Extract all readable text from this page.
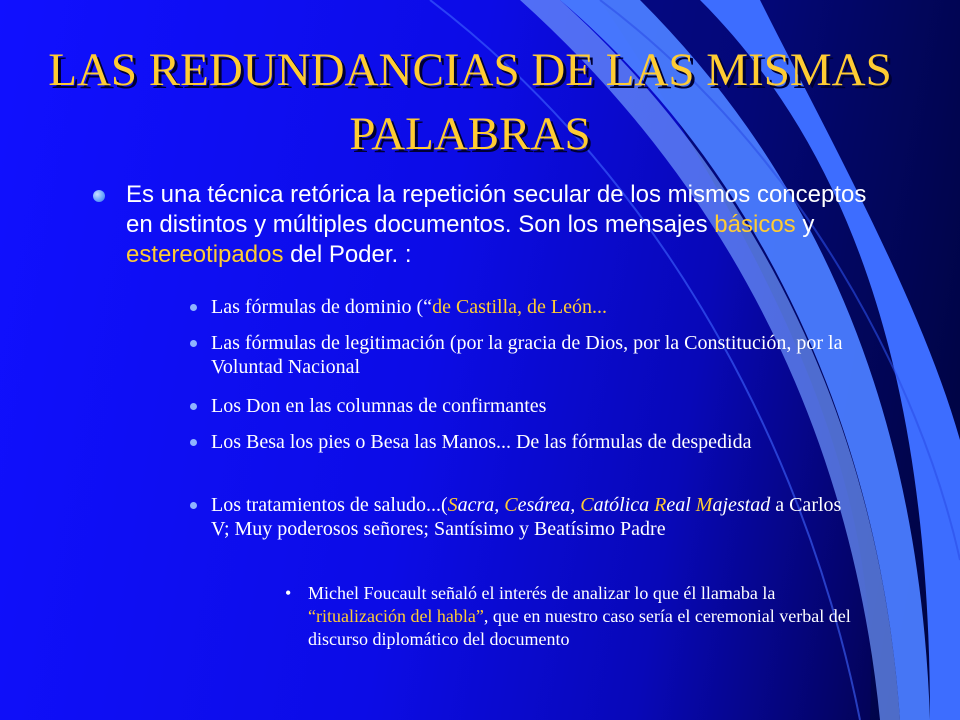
LAS REDUNDANCIAS DE LAS MISMAS PALABRAS
Es una técnica retórica la repetición secular de los mismos conceptos en distintos y múltiples documentos. Son los mensajes básicos y estereotipados del Poder. :
Las fórmulas de dominio (“de Castilla, de León...
Las fórmulas de legitimación (por la gracia de Dios, por la Constitución, por la Voluntad Nacional
Los Don en las columnas de confirmantes
Los Besa los pies o Besa las Manos... De las fórmulas de despedida
Los tratamientos de saludo...(Sacra, Cesárea, Católica Real Majestad a Carlos V; Muy poderosos señores; Santísimo y Beatísimo Padre
• Michel Foucault señaló el interés de analizar lo que él llamaba la “ritualización del habla”, que en nuestro caso sería el ceremonial verbal del discurso diplomático del documento
